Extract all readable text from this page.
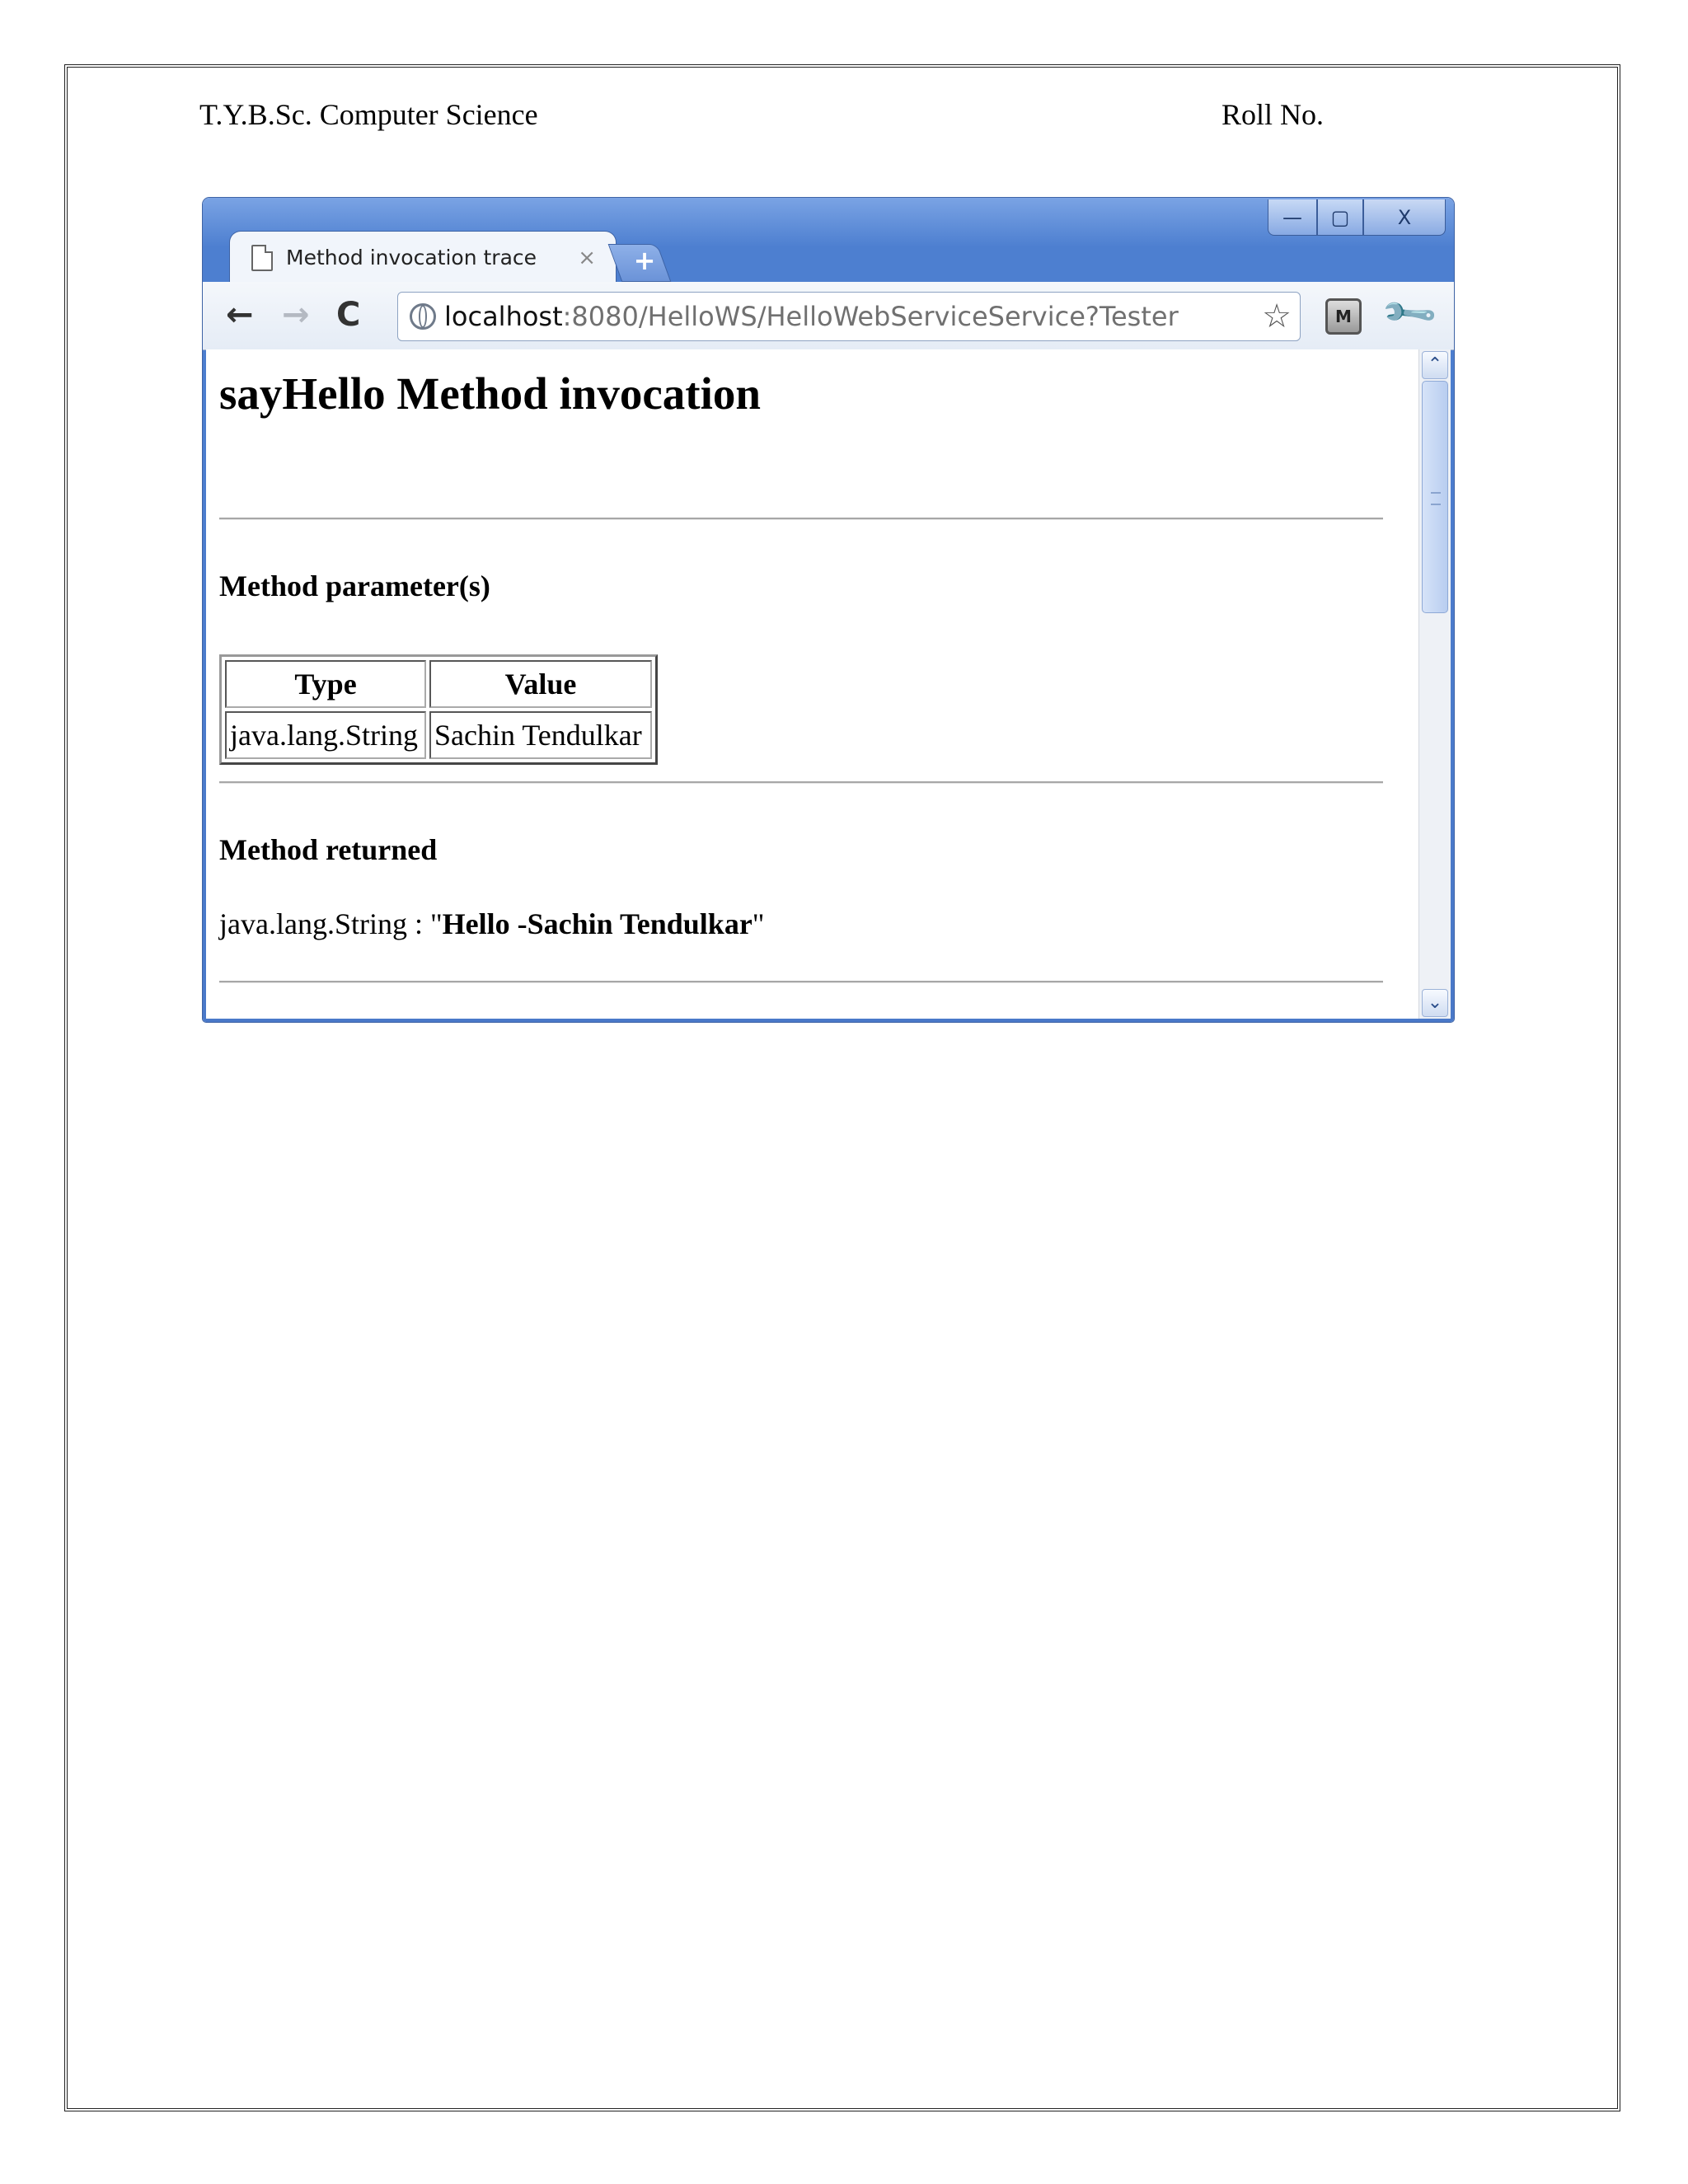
T.Y.B.Sc. Computer Science	Roll No.
—	▢	X
Method invocation trace	× +
← → C	localhost :8080/HelloWS/HelloWebServiceService?Tester	☆	M 🔧
sayHello Method invocation
Method parameter(s)
Type	Value
java.lang.String	Sachin Tendulkar
Method returned
java.lang.String : "Hello -Sachin Tendulkar"
⌃
⌄
